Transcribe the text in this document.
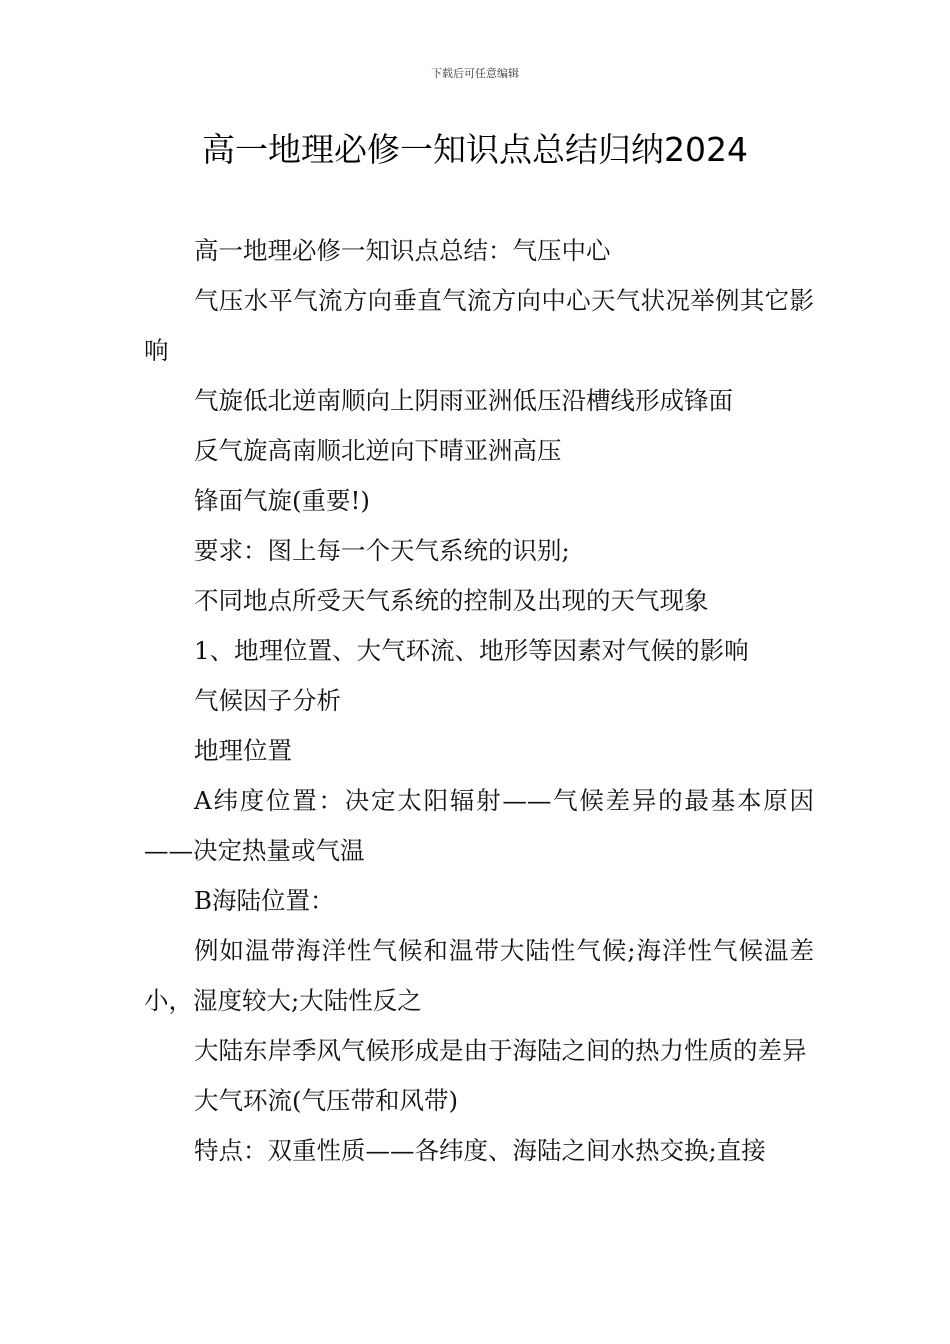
下载后可任意编辑
高一地理必修一知识点总结归纳2024

高一地理必修一知识点总结：气压中心

气压水平气流方向垂直气流方向中心天气状况举例其它影响

气旋低北逆南顺向上阴雨亚洲低压沿槽线形成锋面

反气旋高南顺北逆向下晴亚洲高压

锋面气旋(重要!)

要求：图上每一个天气系统的识别;

不同地点所受天气系统的控制及出现的天气现象

1、地理位置、大气环流、地形等因素对气候的影响

气候因子分析

地理位置

A纬度位置：决定太阳辐射——气候差异的最基本原因——决定热量或气温

B海陆位置：

例如温带海洋性气候和温带大陆性气候;海洋性气候温差小，湿度较大;大陆性反之

大陆东岸季风气候形成是由于海陆之间的热力性质的差异

大气环流(气压带和风带)

特点：双重性质——各纬度、海陆之间水热交换;直接
